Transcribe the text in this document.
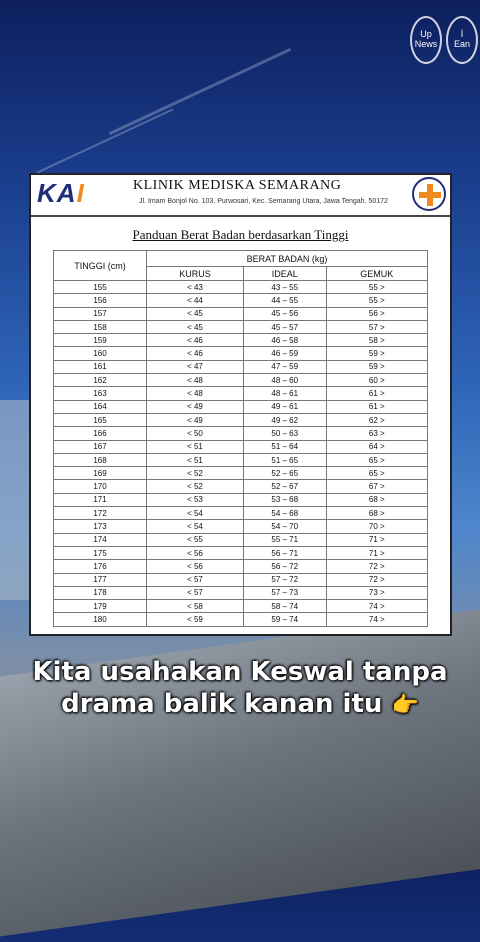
Up
News
İ
Ean
KAI	KLINIK MEDISKA SEMARANG
Jl. Imam Bonjol No. 103, Purwosari, Kec. Semarang Utara, Jawa Tengah. 50172
Panduan Berat Badan berdasarkan Tinggi
TINGGI (cm)	BERAT BADAN (kg)		
	KURUS	IDEAL	GEMUK
155	< 43	43 – 55	55 >
156	< 44	44 – 55	55 >
157	< 45	45 – 56	56 >
158	< 45	45 – 57	57 >
159	< 46	46 – 58	58 >
160	< 46	46 – 59	59 >
161	< 47	47 – 59	59 >
162	< 48	48 – 60	60 >
163	< 48	48 – 61	61 >
164	< 49	49 – 61	61 >
165	< 49	49 – 62	62 >
166	< 50	50 – 63	63 >
167	< 51	51 – 64	64 >
168	< 51	51 – 65	65 >
169	< 52	52 – 65	65 >
170	< 52	52 – 67	67 >
171	< 53	53 – 68	68 >
172	< 54	54 – 68	68 >
173	< 54	54 – 70	70 >
174	< 55	55 – 71	71 >
175	< 56	56 – 71	71 >
176	< 56	56 – 72	72 >
177	< 57	57 – 72	72 >
178	< 57	57 – 73	73 >
179	< 58	58 – 74	74 >
180	< 59	59 – 74	74 >
Kita usahakan Keswal tanpa
drama balik kanan itu 👉
